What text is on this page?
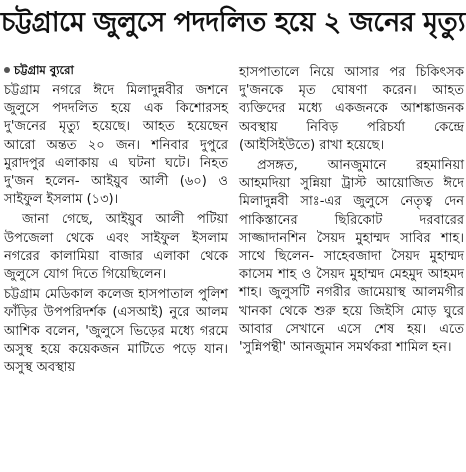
চট্টগ্রামে জুলুসে পদদলিত হয়ে ২ জনের মৃত্যু
চট্টগ্রাম ব্যুরো

চট্টগ্রাম নগরে ঈদে মিলাদুন্নবীর জশনে জুলুসে পদদলিত হয়ে এক কিশোরসহ দু'জনের মৃত্যু হয়েছে। আহত হয়েছেন আরো অন্তত ২০ জন। শনিবার দুপুরে মুরাদপুর এলাকায় এ ঘটনা ঘটে। নিহত দু'জন হলেন- আইয়ুব আলী (৬০) ও সাইফুল ইসলাম (১৩)।

জানা গেছে, আইয়ুব আলী পটিয়া উপজেলা থেকে এবং সাইফুল ইসলাম নগরের কালামিয়া বাজার এলাকা থেকে জুলুসে যোগ দিতে গিয়েছিলেন।

চট্টগ্রাম মেডিকাল কলেজ হাসপাতাল পুলিশ ফাঁড়ির উপপরিদর্শক (এসআই) নুরে আলম আশিক বলেন, 'জুলুসে ভিড়ের মধ্যে গরমে অসুস্থ হয়ে কয়েকজন মাটিতে পড়ে যান। অসুস্থ অবস্থায়

হাসপাতালে নিয়ে আসার পর চিকিৎসক দু'জনকে মৃত ঘোষণা করেন। আহত ব্যক্তিদের মধ্যে একজনকে আশঙ্কাজনক অবস্থায় নিবিড় পরিচর্যা কেন্দ্রে (আইসিইউতে) রাখা হয়েছে।

প্রসঙ্গত, আনজুমানে রহমানিয়া আহমদিয়া সুন্নিয়া ট্রাস্ট আয়োজিত ঈদে মিলাদুন্নবী সাঃ-এর জুলুসে নেতৃত্ব দেন পাকিস্তানের ছিরিকোট দরবারের সাজ্জাদানশিন সৈয়দ মুহাম্মদ সাবির শাহ। সাথে ছিলেন- সাহেবজাদা সৈয়দ মুহাম্মদ কাসেম শাহ ও সৈয়দ মুহাম্মদ মেহমুদ আহমদ শাহ। জুলুসটি নগরীর জামেয়াস্থ আলমগীর খানকা থেকে শুরু হয়ে জিইসি মোড় ঘুরে আবার সেখানে এসে শেষ হয়। এতে 'সুন্নিপন্থী' আনজুমান সমর্থকরা শামিল হন।
